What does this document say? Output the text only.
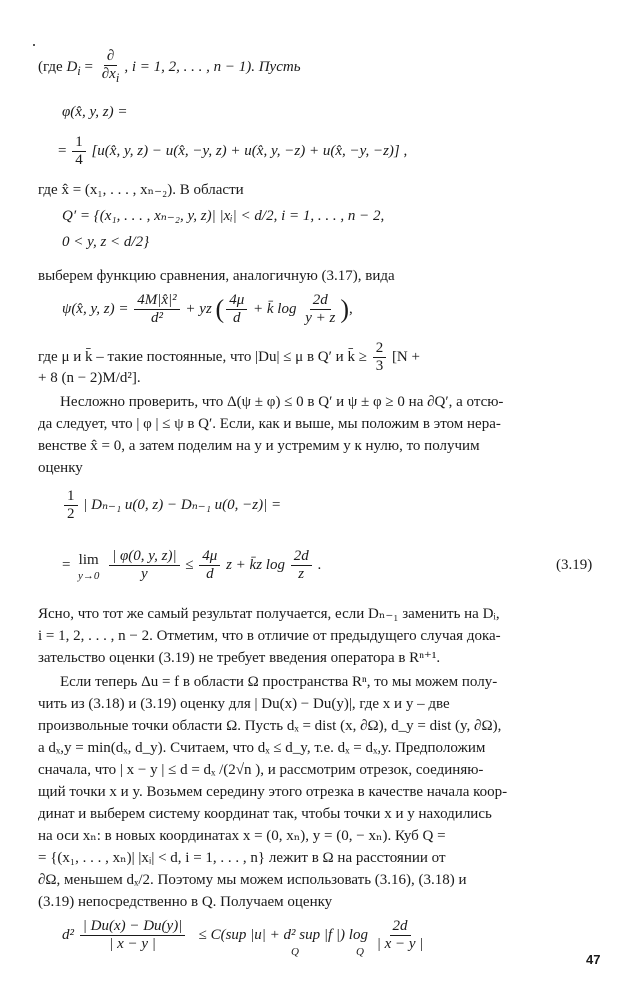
(где $D_i = \frac{\partial}{\partial x_i}$ , i = 1, 2, . . . , n − 1). Пусть
φ(x̂, y, z) =
= $\frac{1}{4}$ [u(x̂, y, z) − u(x̂, −y, z) + u(x̂, y, −z) + u(x̂, −y, −z)] ,
где x̂ = (x₁, . . . , xₙ₋₂). В области
Q′ = {(x₁, . . . , xₙ₋₂, y, z)| |xᵢ| < d/2, i = 1, . . . , n − 2,
0 < y, z < d/2}
выберем функцию сравнения, аналогичную (3.17), вида
ψ(x̂, y, $z) = \frac{\text{4M|x̂|²}}{\text{d²}}$ + yz ( $\frac{4\mu}{d}$ + k̄ $\log \frac{2d}{y + z}$ ),
где μ и k̄ – такие постоянные, что |Du| ≤ μ в Q′ и k̄ ≥ $\frac{2}{3} [N$ +
+ 8 (n − 2)M/d²].
Несложно проверить, что Δ(ψ ± φ) ≤ 0 в Q′ и ψ ± φ ≥ 0 на ∂Q′, а отсю-
да следует, что | φ | ≤ ψ в Q′. Если, как и выше, мы положим в этом нера-
венстве x̂ = 0, а затем поделим на y и устремим y к нулю, то получим
оценку
$\frac{1}{2}$ | Dₙ₋₁ u(0, z) − Dₙ₋₁ u(0, −z)| =
= lim
y→0
$\frac{| \varphi(0, y, z)|}{y} \le \frac{4\mu}{d}$ z + k̄z $\log \frac{2d}{z}$ .	(3.19)
Ясно, что тот же самый результат получается, если Dₙ₋₁ заменить на Dᵢ,
i = 1, 2, . . . , n − 2. Отметим, что в отличие от предыдущего случая дока-
зательство оценки (3.19) не требует введения оператора в Rⁿ⁺¹.
Если теперь Δu = f в области Ω пространства Rⁿ, то мы можем полу-
чить из (3.18) и (3.19) оценку для | Du(x) − Du(y)|, где x и y – две
произвольные точки области Ω. Пусть dₓ = dist (x, ∂Ω), d_y = dist (y, ∂Ω),
а dₓ,y = min(dₓ, d_y). Считаем, что dₓ ≤ d_y, т.е. dₓ = dₓ,y. Предположим
сначала, что | x − y | ≤ d = dₓ /(2√n ), и рассмотрим отрезок, соединяю-
щий точки x и y. Возьмем середину этого отрезка в качестве начала коор-
динат и выберем систему координат так, чтобы точки x и y находились
на оси xₙ: в новых координатах x = (0, xₙ), y = (0, − xₙ). Куб Q =
= {(x₁, . . . , xₙ)| |xᵢ| < d, i = 1, . . . , n} лежит в Ω на расстоянии от
∂Ω, меньшем dₓ/2. Поэтому мы можем использовать (3.16), (3.18) и
(3.19) непосредственно в Q. Получаем оценку
$d^2 \frac{| Du(x) - Du(y)|}{| x - y |} \le C(sup$ |u| + d² sup |f |) $\log \frac{2d}{| x - y |}$
Q	Q	47
